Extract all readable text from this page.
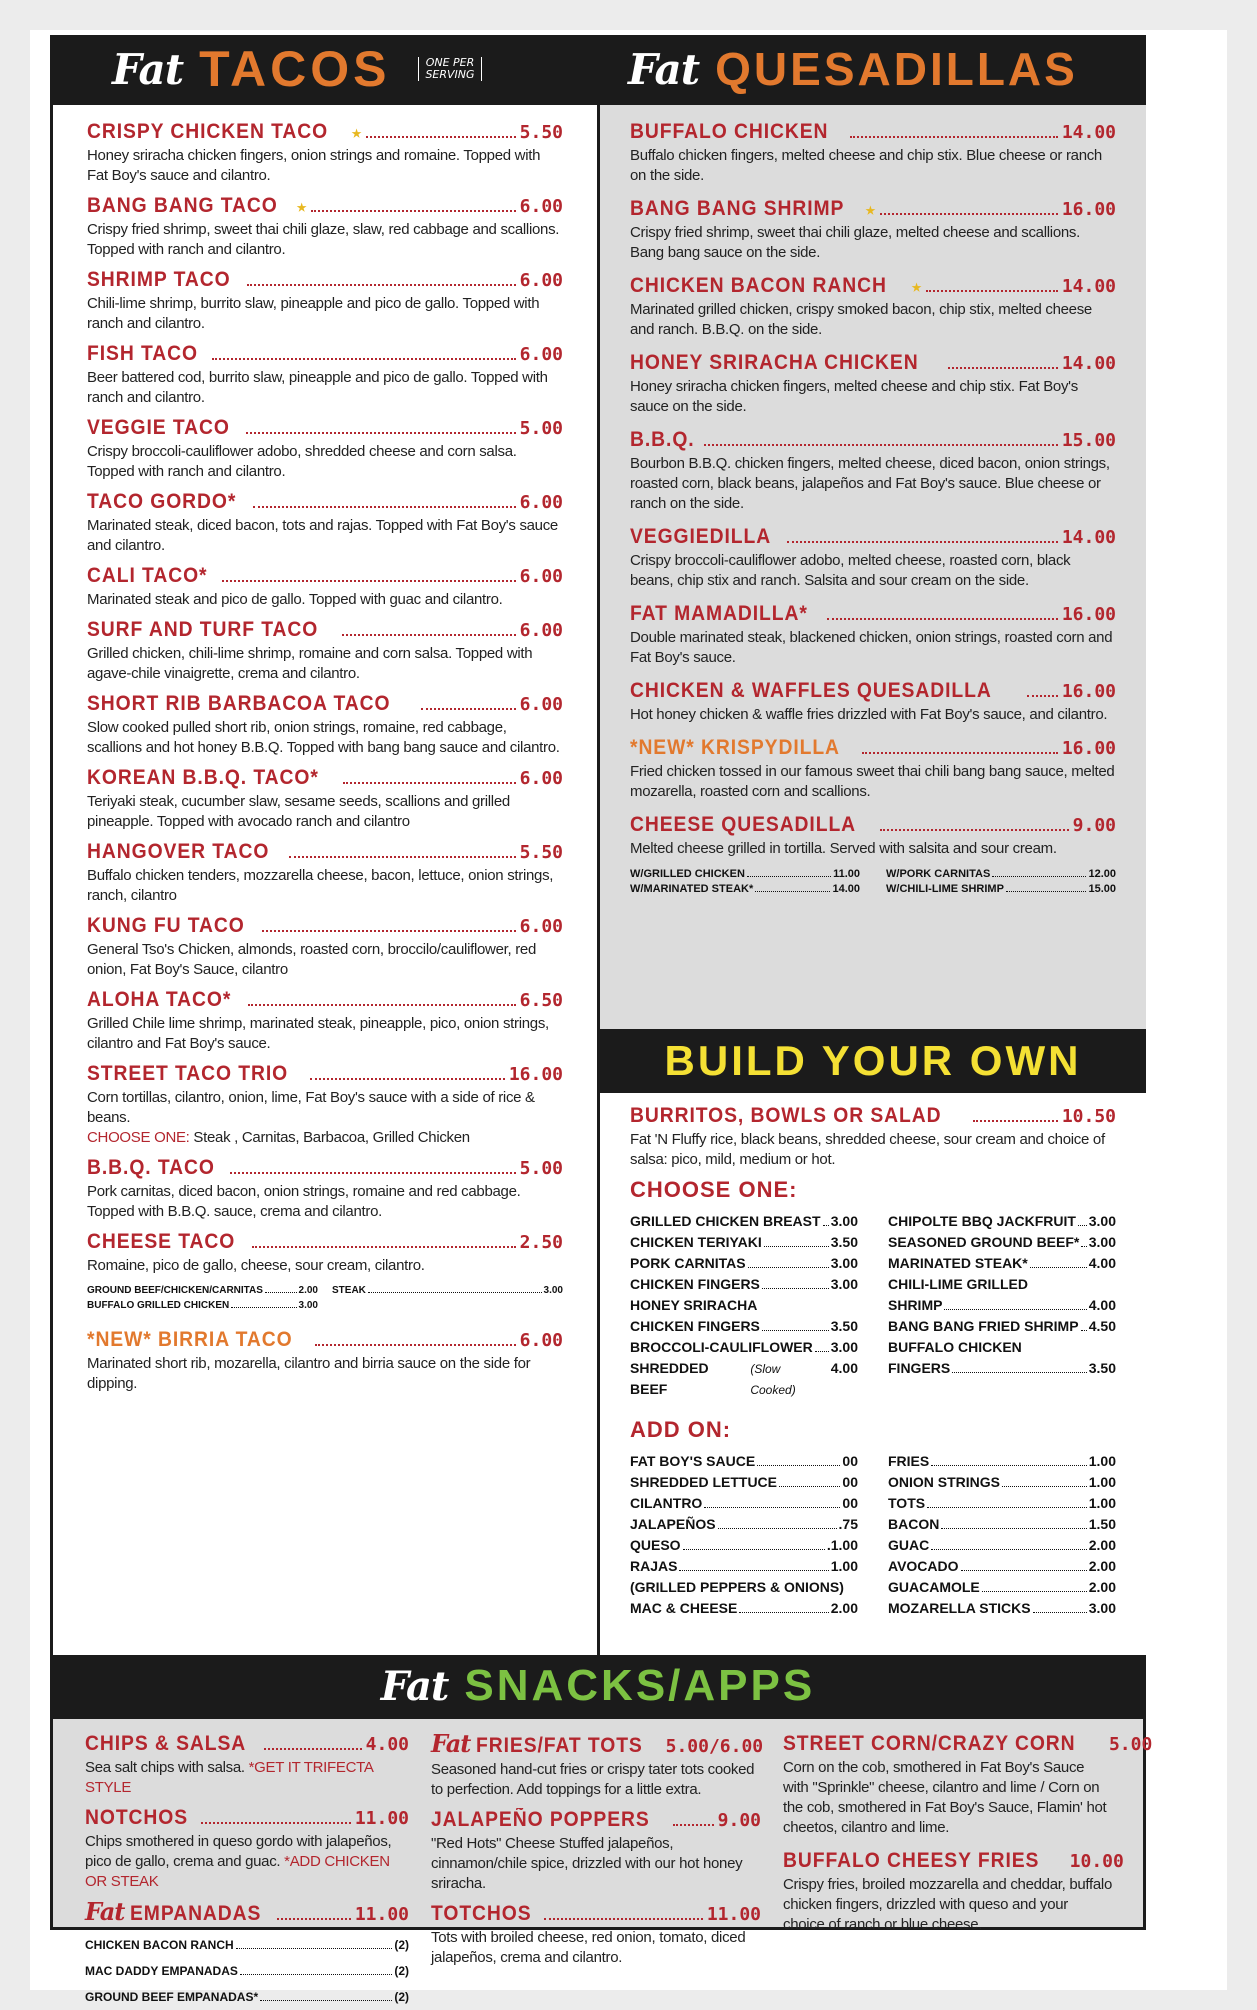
Fat TACOS	ONE PER
SERVING	Fat QUESADILLAS
CRISPY CHICKEN TACO ★	5.50
Honey sriracha chicken fingers, onion strings and romaine. Topped with Fat Boy's sauce and cilantro.
BANG BANG TACO ★	6.00
Crispy fried shrimp, sweet thai chili glaze, slaw, red cabbage and scallions. Topped with ranch and cilantro.
SHRIMP TACO	6.00
Chili-lime shrimp, burrito slaw, pineapple and pico de gallo. Topped with ranch and cilantro.
FISH TACO	6.00
Beer battered cod, burrito slaw, pineapple and pico de gallo. Topped with ranch and cilantro.
VEGGIE TACO	5.00
Crispy broccoli-cauliflower adobo, shredded cheese and corn salsa. Topped with ranch and cilantro.
TACO GORDO*	6.00
Marinated steak, diced bacon, tots and rajas. Topped with Fat Boy's sauce and cilantro.
CALI TACO*	6.00
Marinated steak and pico de gallo. Topped with guac and cilantro.
SURF AND TURF TACO	6.00
Grilled chicken, chili-lime shrimp, romaine and corn salsa. Topped with agave-chile vinaigrette, crema and cilantro.
SHORT RIB BARBACOA TACO	6.00
Slow cooked pulled short rib, onion strings, romaine, red cabbage, scallions and hot honey B.B.Q. Topped with bang bang sauce and cilantro.
KOREAN B.B.Q. TACO*	6.00
Teriyaki steak, cucumber slaw, sesame seeds, scallions and grilled pineapple. Topped with avocado ranch and cilantro
HANGOVER TACO	5.50
Buffalo chicken tenders, mozzarella cheese, bacon, lettuce, onion strings, ranch, cilantro
KUNG FU TACO	6.00
General Tso's Chicken, almonds, roasted corn, broccilo/cauliflower, red onion, Fat Boy's Sauce, cilantro
ALOHA TACO*	6.50
Grilled Chile lime shrimp, marinated steak, pineapple, pico, onion strings, cilantro and Fat Boy's sauce.
STREET TACO TRIO	16.00
Corn tortillas, cilantro, onion, lime, Fat Boy's sauce with a side of rice & beans.
CHOOSE ONE: Steak , Carnitas, Barbacoa, Grilled Chicken
B.B.Q. TACO	5.00
Pork carnitas, diced bacon, onion strings, romaine and red cabbage. Topped with B.B.Q. sauce, crema and cilantro.
CHEESE TACO	2.50
Romaine, pico de gallo, cheese, sour cream, cilantro.
GROUND BEEF/CHICKEN/CARNITAS	2.00 STEAK	3.00
BUFFALO GRILLED CHICKEN	3.00
*NEW* BIRRIA TACO	6.00
Marinated short rib, mozarella, cilantro and birria sauce on the side for dipping.
BUFFALO CHICKEN	14.00
Buffalo chicken fingers, melted cheese and chip stix. Blue cheese or ranch on the side.
BANG BANG SHRIMP ★	16.00
Crispy fried shrimp, sweet thai chili glaze, melted cheese and scallions. Bang bang sauce on the side.
CHICKEN BACON RANCH ★	14.00
Marinated grilled chicken, crispy smoked bacon, chip stix, melted cheese and ranch. B.B.Q. on the side.
HONEY SRIRACHA CHICKEN	14.00
Honey sriracha chicken fingers, melted cheese and chip stix. Fat Boy's sauce on the side.
B.B.Q.	15.00
Bourbon B.B.Q. chicken fingers, melted cheese, diced bacon, onion strings, roasted corn, black beans, jalapeños and Fat Boy's sauce. Blue cheese or ranch on the side.
VEGGIEDILLA	14.00
Crispy broccoli-cauliflower adobo, melted cheese, roasted corn, black beans, chip stix and ranch. Salsita and sour cream on the side.
FAT MAMADILLA*	16.00
Double marinated steak, blackened chicken, onion strings, roasted corn and Fat Boy's sauce.
CHICKEN & WAFFLES QUESADILLA	16.00
Hot honey chicken & waffle fries drizzled with Fat Boy's sauce, and cilantro.
*NEW* KRISPYDILLA	16.00
Fried chicken tossed in our famous sweet thai chili bang bang sauce, melted mozarella, roasted corn and scallions.
CHEESE QUESADILLA	9.00
Melted cheese grilled in tortilla. Served with salsita and sour cream.
W/GRILLED CHICKEN	11.00 W/PORK CARNITAS	12.00
W/MARINATED STEAK*	14.00 W/CHILI-LIME SHRIMP	15.00
BUILD YOUR OWN
BURRITOS, BOWLS OR SALAD	10.50
Fat 'N Fluffy rice, black beans, shredded cheese, sour cream and choice of salsa: pico, mild, medium or hot.
CHOOSE ONE:
GRILLED CHICKEN BREAST 3.00
CHICKEN TERIYAKI	3.50
PORK CARNITAS	3.00
CHICKEN FINGERS	3.00
HONEY SRIRACHA
CHICKEN FINGERS	3.50
BROCCOLI-CAULIFLOWER 3.00
SHREDDED BEEF
(Slow Cooked)
4.00
CHIPOLTE BBQ JACKFRUIT 3.00
SEASONED GROUND BEEF* 3.00
MARINATED STEAK*	4.00
CHILI-LIME GRILLED
SHRIMP	4.00
BANG BANG FRIED SHRIMP 4.50
BUFFALO CHICKEN
FINGERS	3.50
ADD ON:
FAT BOY'S SAUCE	00
SHREDDED LETTUCE	00
CILANTRO	00
JALAPEÑOS	.75
QUESO	.1.00
RAJAS	1.00
(GRILLED PEPPERS & ONIONS)
MAC & CHEESE	2.00
FRIES	1.00
ONION STRINGS	1.00
TOTS	1.00
BACON	1.50
GUAC	2.00
AVOCADO	2.00
GUACAMOLE	2.00
MOZARELLA STICKS	3.00
Fat SNACKS/APPS
CHIPS & SALSA	4.00
Sea salt chips with salsa. *GET IT TRIFECTA STYLE
NOTCHOS	11.00
Chips smothered in queso gordo with jalapeños, pico de gallo, crema and guac. *ADD CHICKEN OR STEAK
Fat EMPANADAS	11.00
CHICKEN BACON RANCH	(2)
MAC DADDY EMPANADAS	(2)
GROUND BEEF EMPANADAS*	(2)
Fat FRIES/FAT TOTS 5.00/6.00
Seasoned hand-cut fries or crispy tater tots cooked to perfection. Add toppings for a little extra.
JALAPEÑO POPPERS	9.00
"Red Hots" Cheese Stuffed jalapeños, cinnamon/chile spice, drizzled with our hot honey sriracha.
TOTCHOS	11.00
Tots with broiled cheese, red onion, tomato, diced jalapeños, crema and cilantro.
STREET CORN/CRAZY CORN 5.00
Corn on the cob, smothered in Fat Boy's Sauce with "Sprinkle" cheese, cilantro and lime / Corn on the cob, smothered in Fat Boy's Sauce, Flamin' hot cheetos, cilantro and lime.
BUFFALO CHEESY FRIES 10.00
Crispy fries, broiled mozzarella and cheddar, buffalo chicken fingers, drizzled with queso and your choice of ranch or blue cheese.
